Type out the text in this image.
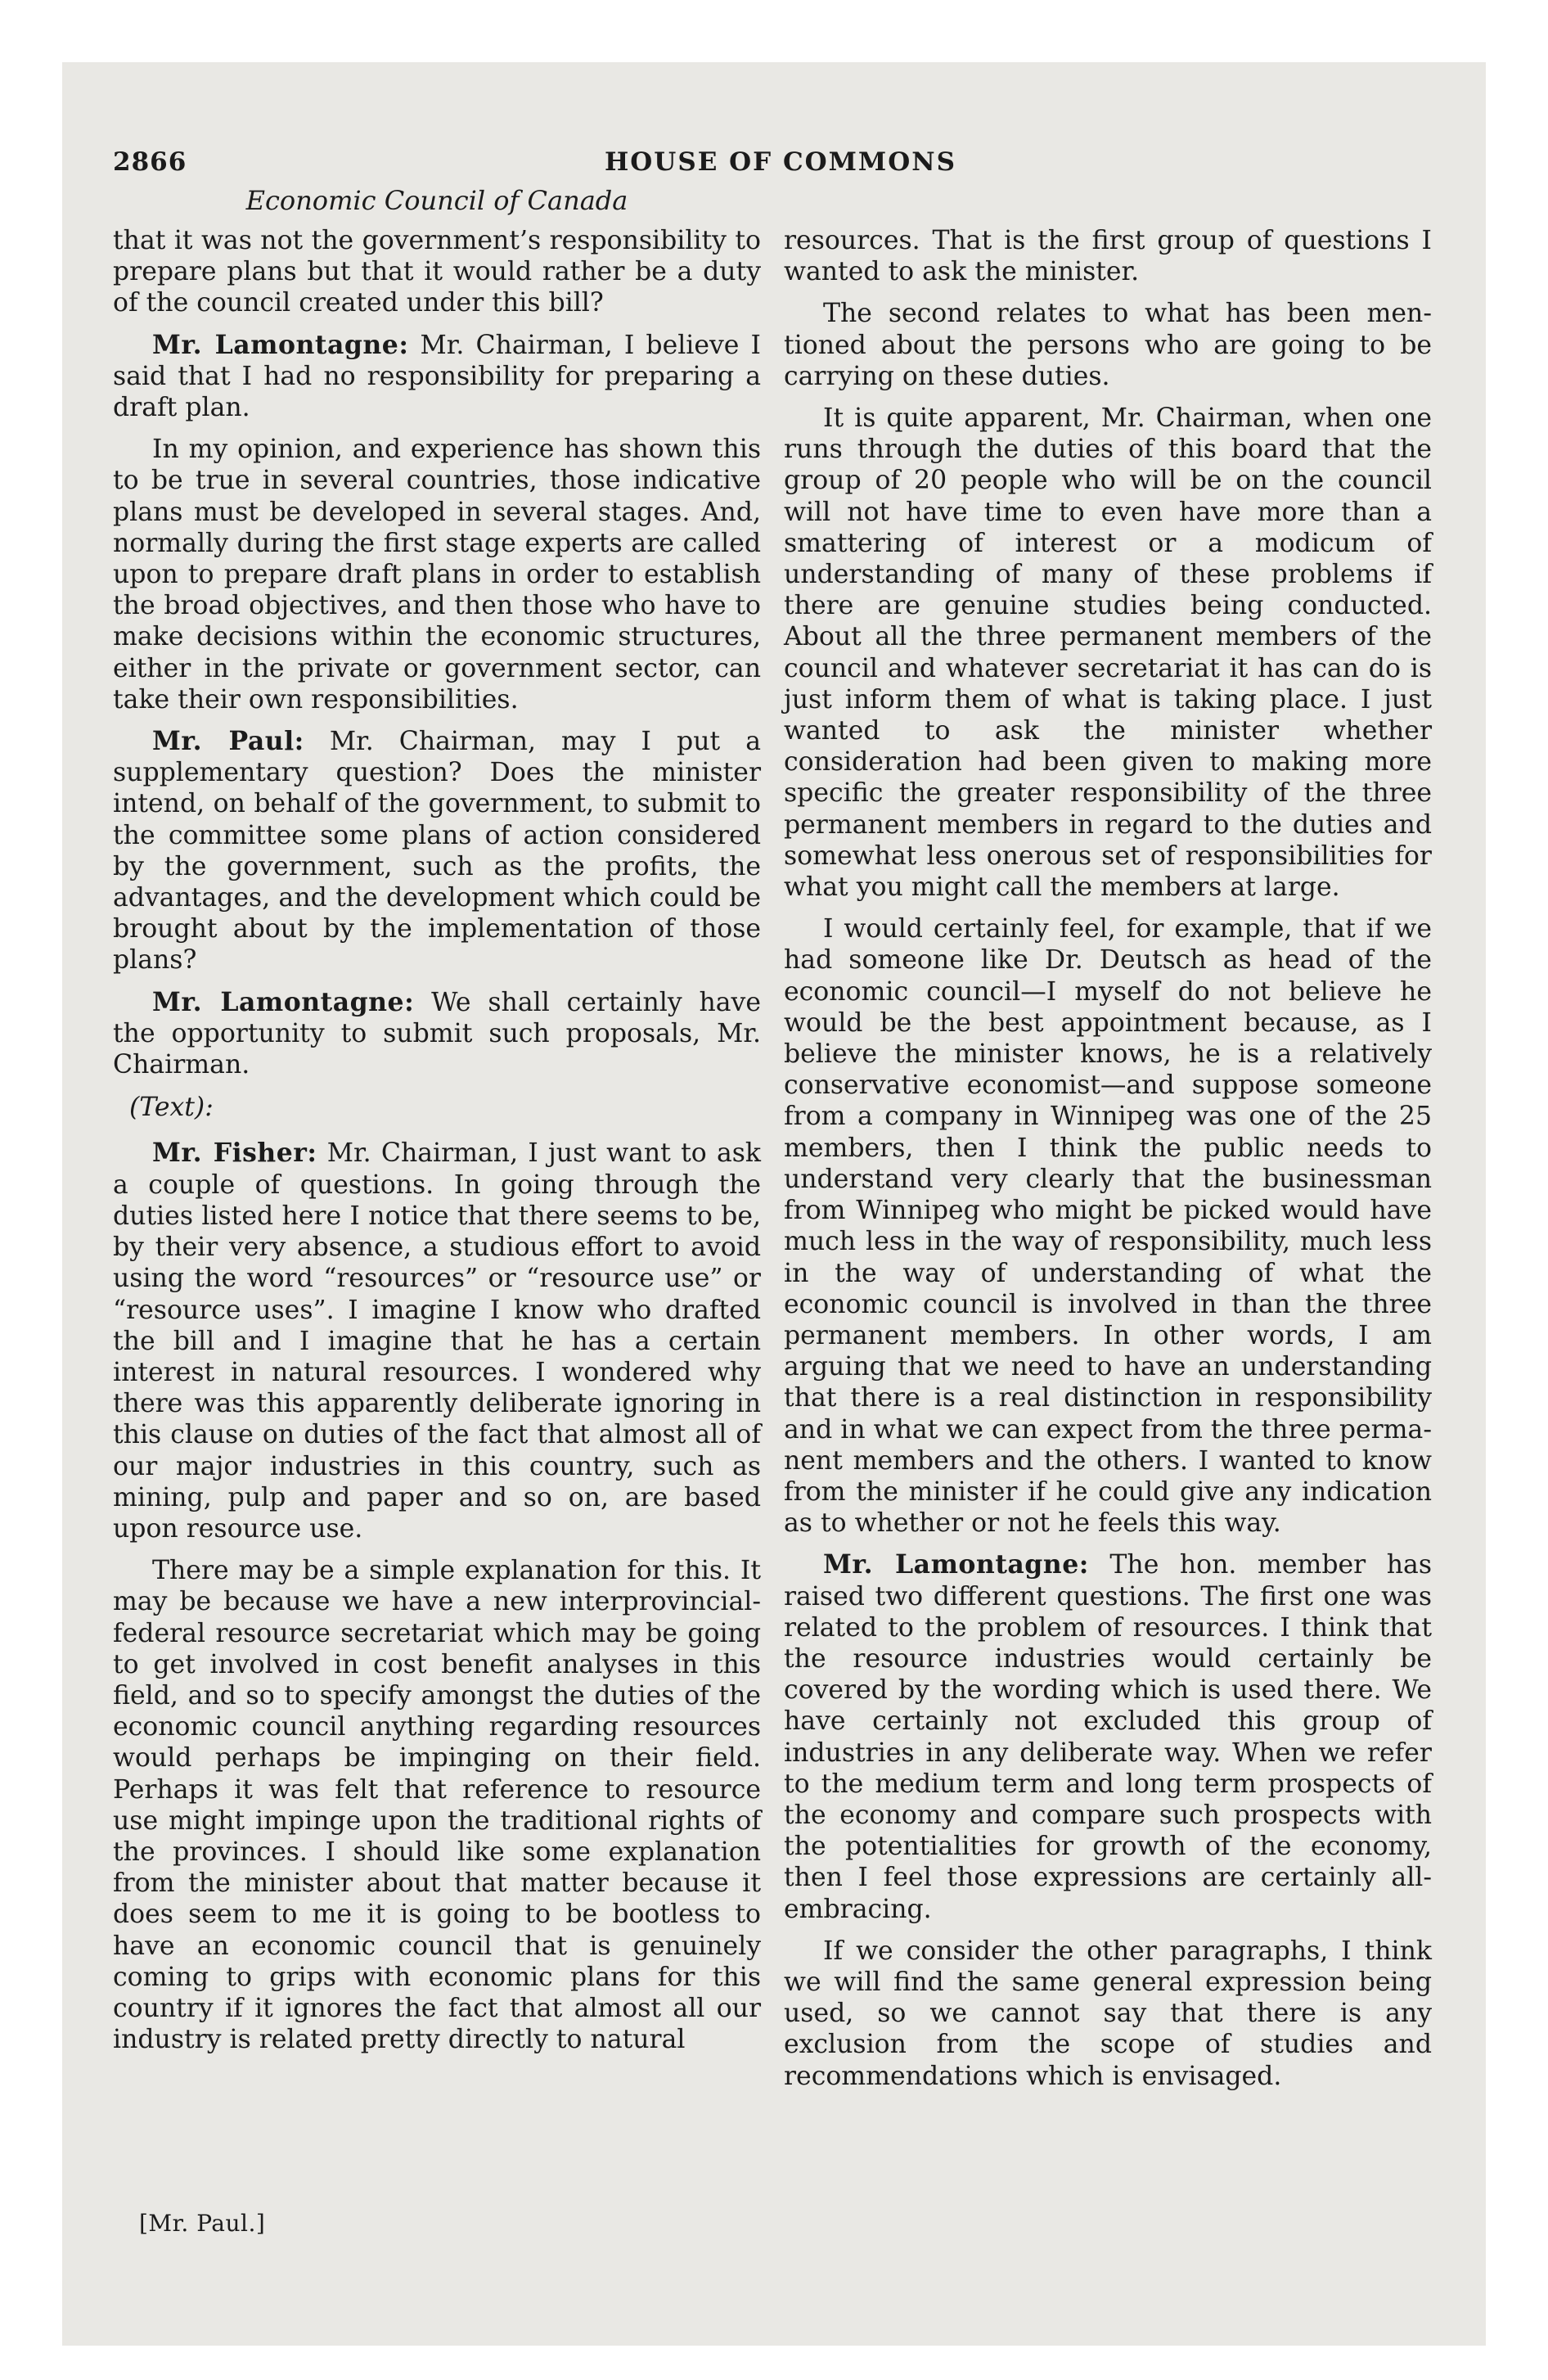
2866	HOUSE OF COMMONS
Economic Council of Canada

that it was not the government’s responsibility to prepare plans but that it would rather be a duty of the council created under this bill?

Mr. Lamontagne: Mr. Chairman, I believe I said that I had no responsibility for preparing a draft plan.

In my opinion, and experience has shown this to be true in several countries, those indicative plans must be developed in several stages. And, normally during the first stage experts are called upon to prepare draft plans in order to establish the broad objectives, and then those who have to make decisions within the economic structures, either in the private or government sector, can take their own responsibilities.

Mr. Paul: Mr. Chairman, may I put a supplementary question? Does the minister intend, on behalf of the government, to submit to the committee some plans of action considered by the government, such as the profits, the advantages, and the development which could be brought about by the implementation of those plans?

Mr. Lamontagne: We shall certainly have the opportunity to submit such proposals, Mr. Chairman.

(Text):

Mr. Fisher: Mr. Chairman, I just want to ask a couple of questions. In going through the duties listed here I notice that there seems to be, by their very absence, a studious effort to avoid using the word “resources” or “resource use” or “resource uses”. I imagine I know who drafted the bill and I imagine that he has a certain interest in natural resources. I wondered why there was this apparently deliberate ignoring in this clause on duties of the fact that almost all of our major industries in this country, such as mining, pulp and paper and so on, are based upon resource use.

There may be a simple explanation for this. It may be because we have a new interprovincial-federal resource secretariat which may be going to get involved in cost benefit analyses in this field, and so to specify amongst the duties of the economic council anything regarding resources would perhaps be impinging on their field. Perhaps it was felt that reference to resource use might impinge upon the traditional rights of the provinces. I should like some explanation from the minister about that matter because it does seem to me it is going to be bootless to have an economic council that is genuinely coming to grips with economic plans for this country if it ignores the fact that almost all our industry is related pretty directly to natural

resources. That is the first group of questions I wanted to ask the minister.

The second relates to what has been mentioned about the persons who are going to be carrying on these duties.

It is quite apparent, Mr. Chairman, when one runs through the duties of this board that the group of 20 people who will be on the council will not have time to even have more than a smattering of interest or a modicum of understanding of many of these problems if there are genuine studies being conducted. About all the three permanent members of the council and whatever secretariat it has can do is just inform them of what is taking place. I just wanted to ask the minister whether consideration had been given to making more specific the greater responsibility of the three permanent members in regard to the duties and somewhat less onerous set of responsibilities for what you might call the members at large.

I would certainly feel, for example, that if we had someone like Dr. Deutsch as head of the economic council—I myself do not believe he would be the best appointment because, as I believe the minister knows, he is a relatively conservative economist—and suppose someone from a company in Winnipeg was one of the 25 members, then I think the public needs to understand very clearly that the businessman from Winnipeg who might be picked would have much less in the way of responsibility, much less in the way of understanding of what the economic council is involved in than the three permanent members. In other words, I am arguing that we need to have an understanding that there is a real distinction in responsibility and in what we can expect from the three permanent members and the others. I wanted to know from the minister if he could give any indication as to whether or not he feels this way.

Mr. Lamontagne: The hon. member has raised two different questions. The first one was related to the problem of resources. I think that the resource industries would certainly be covered by the wording which is used there. We have certainly not excluded this group of industries in any deliberate way. When we refer to the medium term and long term prospects of the economy and compare such prospects with the potentialities for growth of the economy, then I feel those expressions are certainly all-embracing.

If we consider the other paragraphs, I think we will find the same general expression being used, so we cannot say that there is any exclusion from the scope of studies and recommendations which is envisaged.

[Mr. Paul.]
